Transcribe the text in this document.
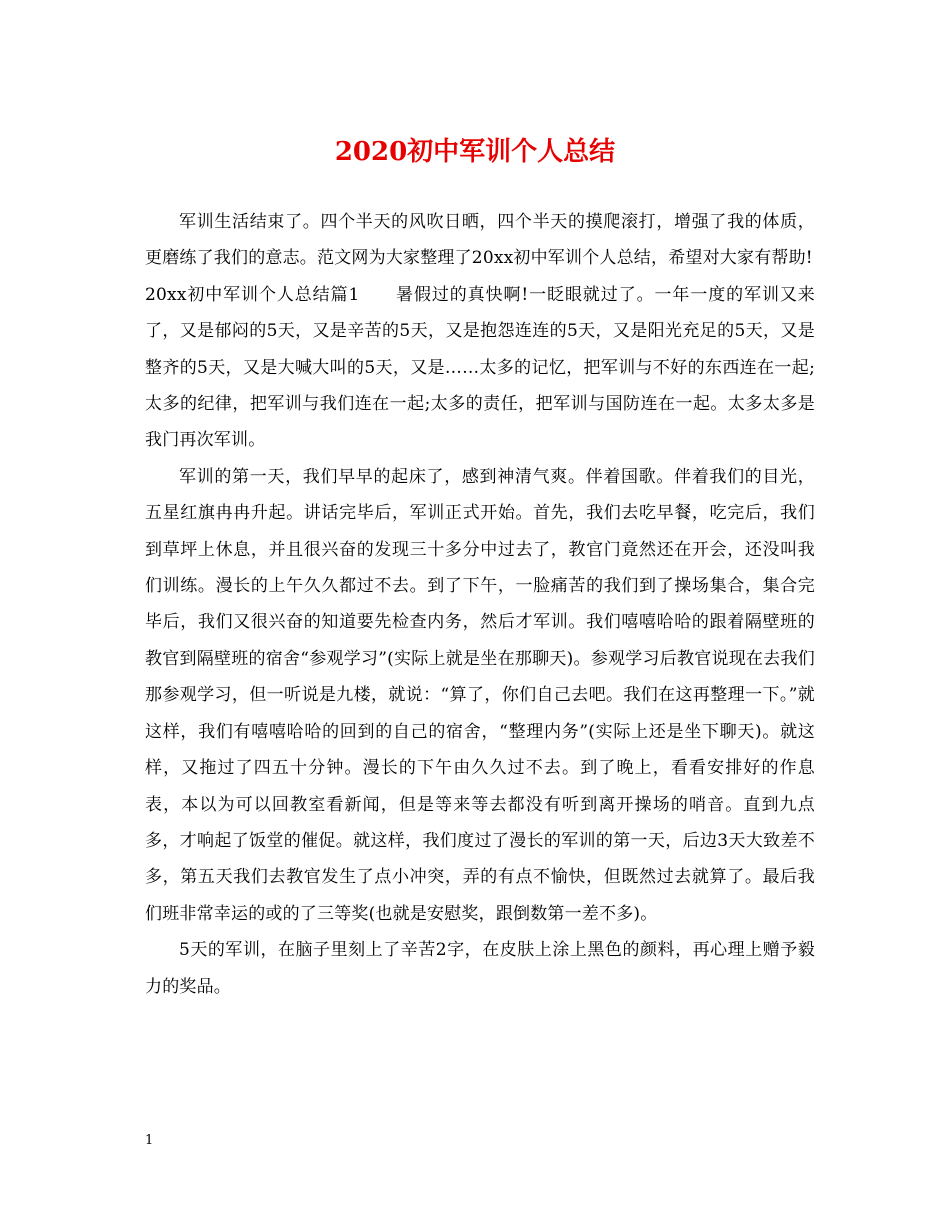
2020初中军训个人总结

军训生活结束了。四个半天的风吹日晒，四个半天的摸爬滚打，增强了我的体质，更磨练了我们的意志。范文网为大家整理了20xx初中军训个人总结，希望对大家有帮助!

20xx初中军训个人总结篇1　　暑假过的真快啊!一眨眼就过了。一年一度的军训又来了，又是郁闷的5天，又是辛苦的5天，又是抱怨连连的5天，又是阳光充足的5天，又是整齐的5天，又是大喊大叫的5天，又是……太多的记忆，把军训与不好的东西连在一起;太多的纪律，把军训与我们连在一起;太多的责任，把军训与国防连在一起。太多太多是我门再次军训。

军训的第一天，我们早早的起床了，感到神清气爽。伴着国歌。伴着我们的目光，五星红旗冉冉升起。讲话完毕后，军训正式开始。首先，我们去吃早餐，吃完后，我们到草坪上休息，并且很兴奋的发现三十多分中过去了，教官门竟然还在开会，还没叫我们训练。漫长的上午久久都过不去。到了下午，一脸痛苦的我们到了操场集合，集合完毕后，我们又很兴奋的知道要先检查内务，然后才军训。我们嘻嘻哈哈的跟着隔壁班的教官到隔壁班的宿舍“参观学习”(实际上就是坐在那聊天)。参观学习后教官说现在去我们那参观学习，但一听说是九楼，就说：“算了，你们自己去吧。我们在这再整理一下。”就这样，我们有嘻嘻哈哈的回到的自己的宿舍，“整理内务”(实际上还是坐下聊天)。就这样，又拖过了四五十分钟。漫长的下午由久久过不去。到了晚上，看看安排好的作息表，本以为可以回教室看新闻，但是等来等去都没有听到离开操场的哨音。直到九点多，才响起了饭堂的催促。就这样，我们度过了漫长的军训的第一天，后边3天大致差不多，第五天我们去教官发生了点小冲突，弄的有点不愉快，但既然过去就算了。最后我们班非常幸运的或的了三等奖(也就是安慰奖，跟倒数第一差不多)。

5天的军训，在脑子里刻上了辛苦2字，在皮肤上涂上黑色的颜料，再心理上赠予毅力的奖品。

1
